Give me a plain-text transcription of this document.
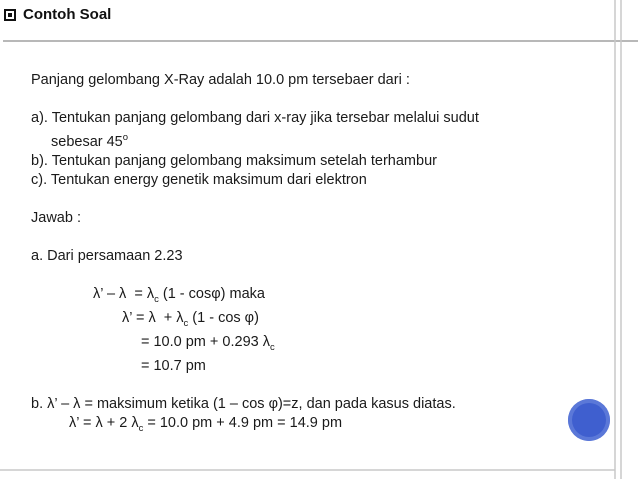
Contoh Soal

Panjang gelombang X-Ray adalah 10.0 pm tersebaer dari :

a). Tentukan panjang gelombang dari x-ray jika tersebar melalui sudut

sebesar 45$^o$

b). Tentukan panjang gelombang maksimum setelah terhambur

c). Tentukan energy genetik maksimum dari elektron

Jawab :

a. Dari persamaan 2.23

λ’ – $\lambda = \lambda_c$ (1 - cosφ) maka

λ’ = $\lambda + \lambda_c$ (1 - cos φ)

= 10.0 pm + 0.293 $\lambda_c$

= 10.7 pm

b. λ’ – λ = maksimum ketika (1 – cos φ)=z, dan pada kasus diatas.

λ’ = λ + 2 $\lambda_c = 10.0$ pm + 4.9 pm = 14.9 pm
